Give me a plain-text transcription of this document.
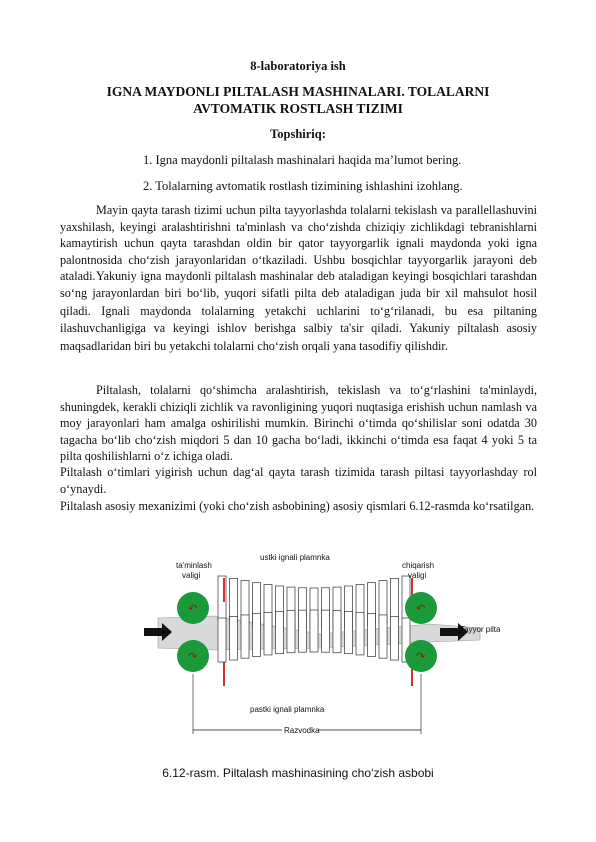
8-laboratoriya ish
IGNA MAYDONLI PILTALASH MASHINALARI. TOLALARNI AVTOMATIK ROSTLASH TIZIMI
Topshiriq:
1. Igna maydonli piltalash mashinalari haqida ma’lumot bering.
2. Tolalarning avtomatik rostlash tizimining ishlashini izohlang.

Mayin qayta tarash tizimi uchun pilta tayyorlashda tolalarni tekislash va parallellashuvini yaxshilash, keyingi aralashtirishni ta'minlash va cho‘zishda chiziqiy zichlikdagi tebranishlarni kamaytirish uchun qayta tarashdan oldin bir qator tayyorgarlik ignali maydonda yoki igna palontnosida cho‘zish jarayonlaridan o‘tkaziladi. Ushbu bosqichlar tayyorgarlik jarayoni deb ataladi. Yakuniy igna maydonli piltalash mashinalar deb ataladigan keyingi bosqichlari tarashdan so‘ng jarayonlardan biri bo‘lib, yuqori sifatli pilta deb ataladigan juda bir xil mahsulot hosil qiladi. Ignali maydonda tolalarning yetakchi uchlarini to‘g‘rilanadi, bu esa piltaning ilashuvchanligiga va keyingi ishlov berishga salbiy ta'sir qiladi. Yakuniy piltalash asosiy maqsadlaridan biri bu yetakchi tolalarni cho‘zish orqali yana tasodifiy qilishdir.

Piltalash, tolalarni qo‘shimcha aralashtirish, tekislash va to‘g‘rlashini ta'minlaydi, shuningdek, kerakli chiziqli zichlik va ravonligining yuqori nuqtasiga erishish uchun namlash va moy jarayonlari ham amalga oshirilishi mumkin. Birinchi o‘timda qo‘shilislar soni odatda 30 tagacha bo‘lib cho‘zish miqdori 5 dan 10 gacha bo‘ladi, ikkinchi o‘timda esa faqat 4 yoki 5 ta pilta qoshilishlarni o‘z ichiga oladi.

Piltalash o‘timlari yigirish uchun dag‘al qayta tarash tizimida tarash piltasi tayyorlashday rol o‘ynaydi.

Piltalash asosiy mexanizimi (yoki cho‘zish asbobining) asosiy qismlari 6.12-rasmda ko‘rsatilgan.

↶
↷
↶
↷
ta'minlash
valigi
ustki ignali plamnka
chiqarish
valigi
Tayyor pilta
pastki ignali plamnka
Razvodka
6.12-rasm. Piltalash mashinasining cho‘zish asbobi
